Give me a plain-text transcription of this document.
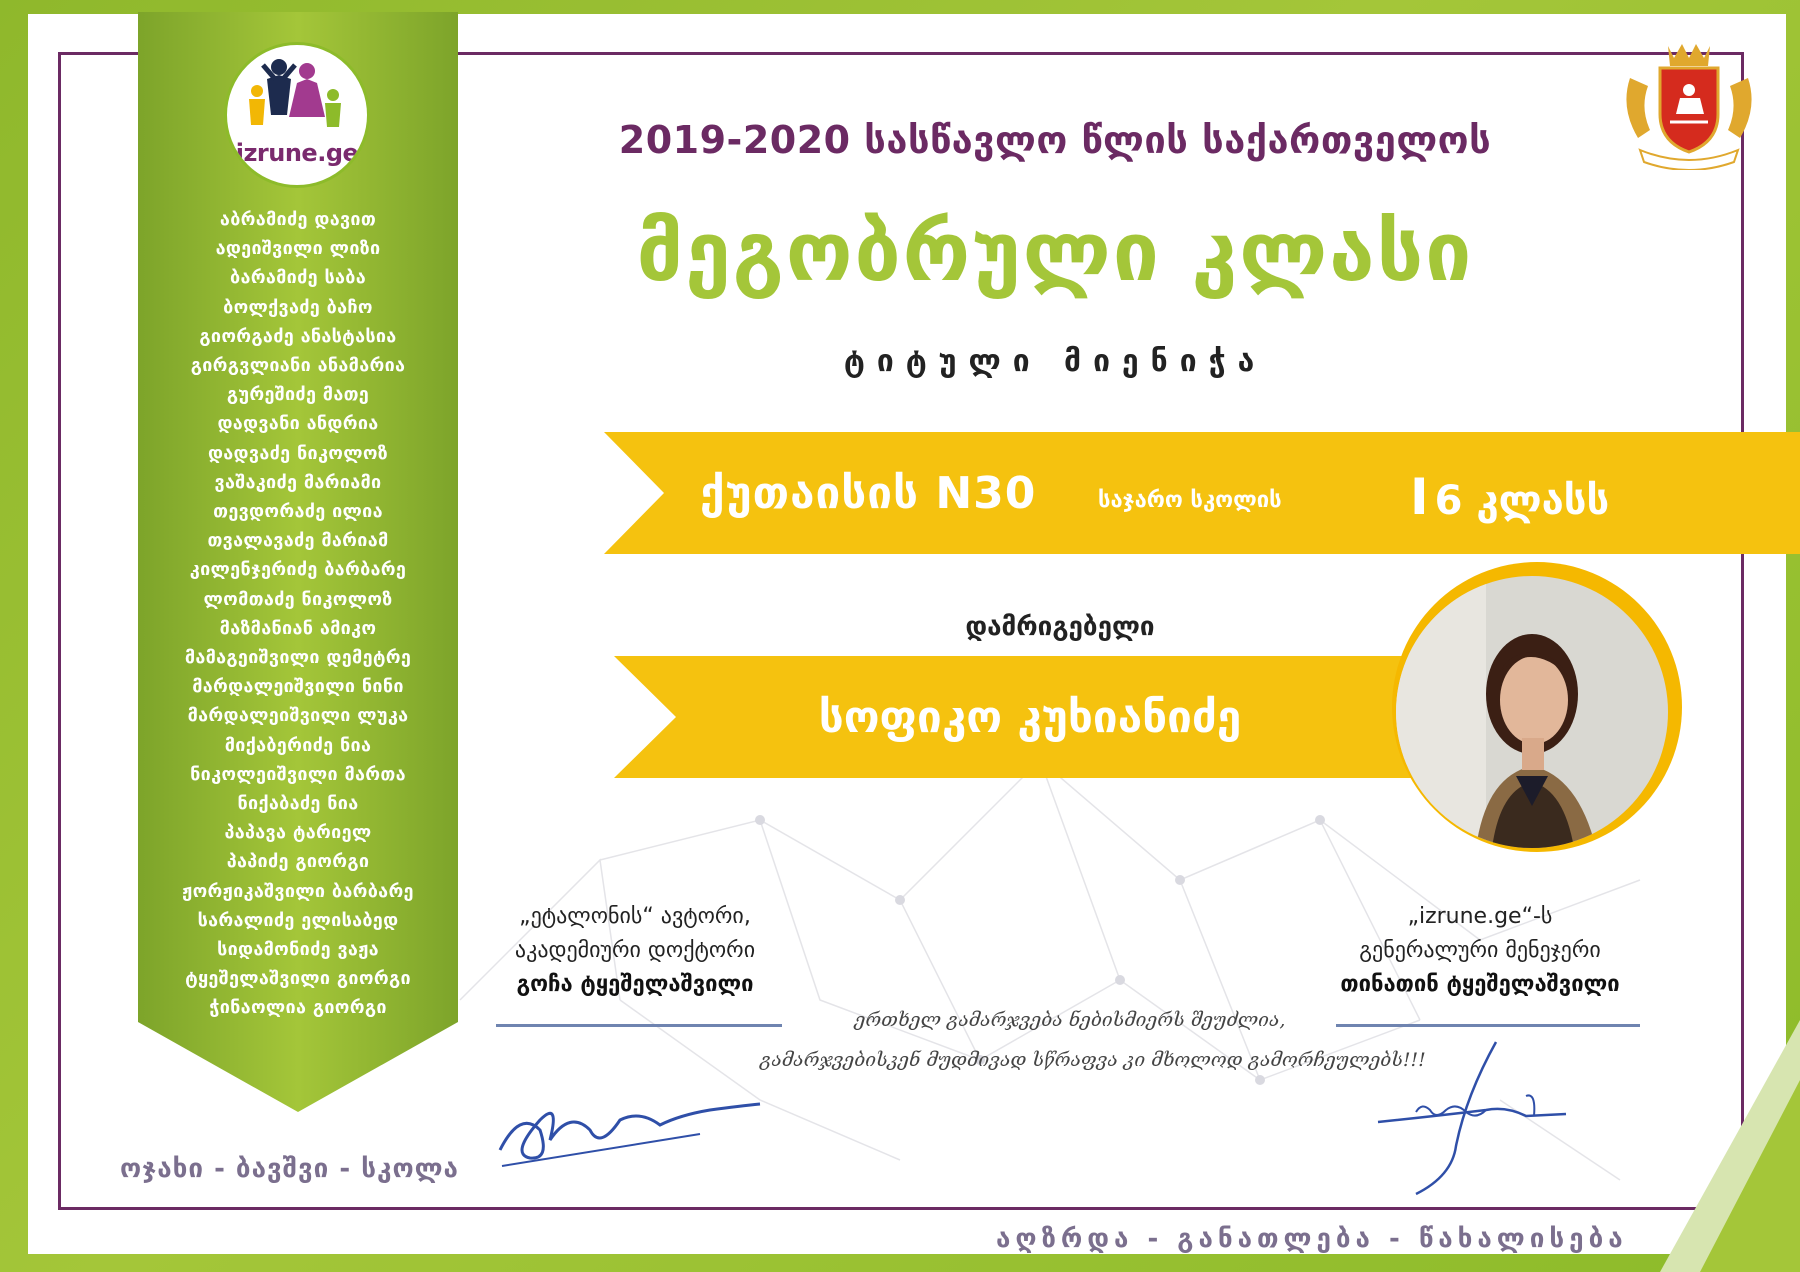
izrune.ge
აბრამიძე დავით
ადეიშვილი ლიზი
ბარამიძე საბა
ბოლქვაძე ბაჩო
გიორგაძე ანასტასია
გირგვლიანი ანამარია
გურეშიძე მათე
დადვანი ანდრია
დადვაძე ნიკოლოზ
ვაშაკიძე მარიამი
თევდორაძე ილია
თვალავაძე მარიამ
კილენჯერიძე ბარბარე
ლომთაძე ნიკოლოზ
მაზმანიან ამიკო
მამაგეიშვილი დემეტრე
მარდალეიშვილი ნინი
მარდალეიშვილი ლუკა
მიქაბერიძე ნია
ნიკოლეიშვილი მართა
ნიქაბაძე ნია
პაპავა ტარიელ
პაპიძე გიორგი
ჟორჟიკაშვილი ბარბარე
სარალიძე ელისაბედ
სიდამონიძე ვაჟა
ტყეშელაშვილი გიორგი
ჭინაოლია გიორგი
ოჯახი - ბავშვი - სკოლა
2019-2020 სასწავლო წლის საქართველოს
მეგობრული კლასი
ტიტული მიენიჭა
ქუთაისის N30	საჯარო სკოლის	I 6 კლასს
დამრიგებელი
სოფიკო კუხიანიძე
„ეტალონის“ ავტორი,
აკადემიური დოქტორი
გოჩა ტყეშელაშვილი
„izrune.ge“-ს
გენერალური მენეჯერი
თინათინ ტყეშელაშვილი
ერთხელ გამარჯვება ნებისმიერს შეუძლია,
გამარჯვებისკენ მუდმივად სწრაფვა კი მხოლოდ გამორჩეულებს!!!
აღზრდა - განათლება - წახალისება
